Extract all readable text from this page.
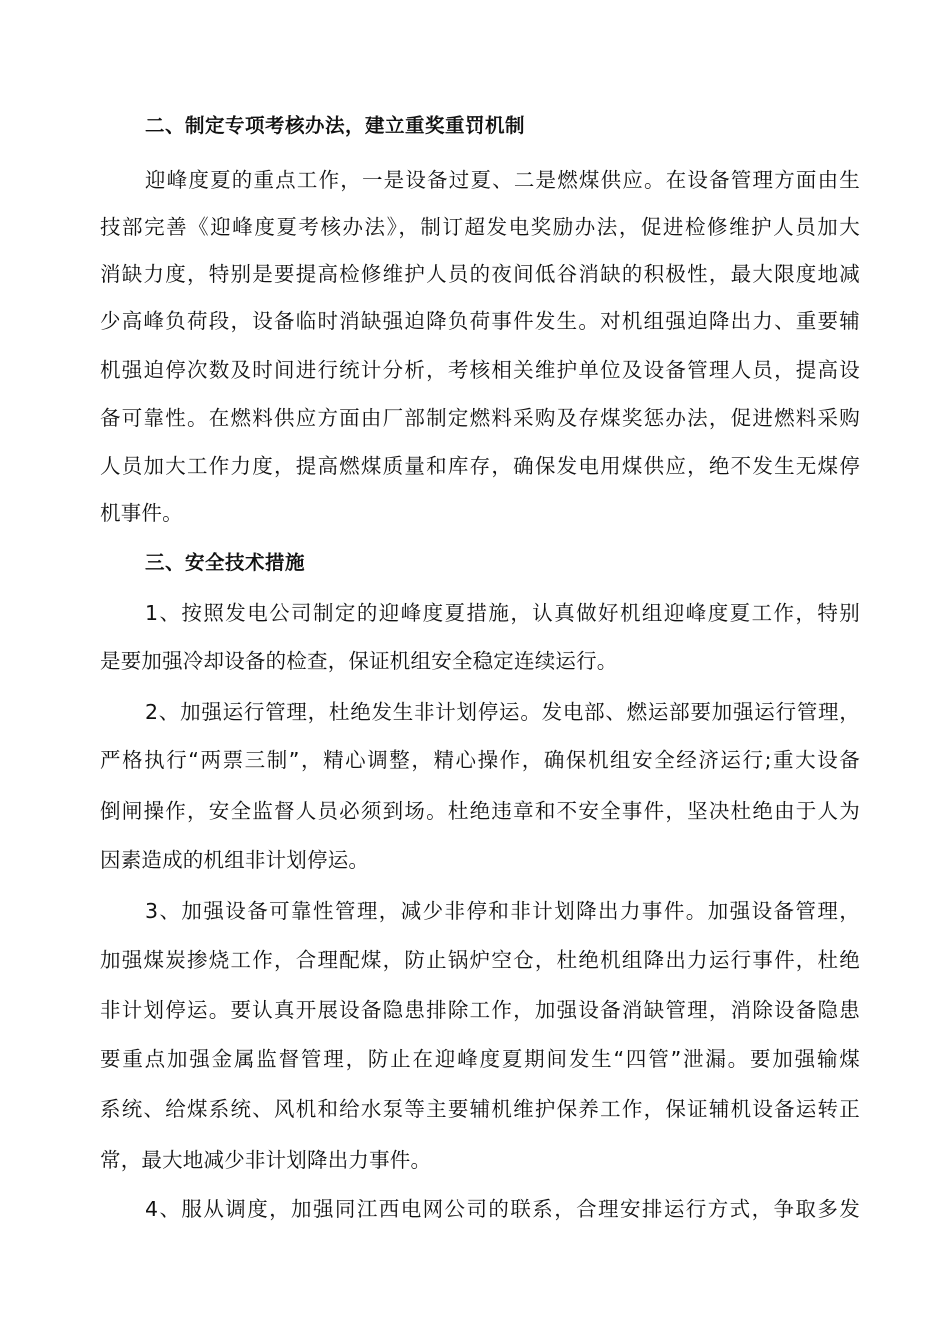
二、制定专项考核办法，建立重奖重罚机制
迎峰度夏的重点工作，一是设备过夏、二是燃煤供应。在设备管理方面由生
技部完善《迎峰度夏考核办法》，制订超发电奖励办法，促进检修维护人员加大
消缺力度，特别是要提高检修维护人员的夜间低谷消缺的积极性，最大限度地减
少高峰负荷段，设备临时消缺强迫降负荷事件发生。对机组强迫降出力、重要辅
机强迫停次数及时间进行统计分析，考核相关维护单位及设备管理人员，提高设
备可靠性。在燃料供应方面由厂部制定燃料采购及存煤奖惩办法，促进燃料采购
人员加大工作力度，提高燃煤质量和库存，确保发电用煤供应，绝不发生无煤停
机事件。
三、安全技术措施
1、按照发电公司制定的迎峰度夏措施，认真做好机组迎峰度夏工作，特别
是要加强冷却设备的检查，保证机组安全稳定连续运行。
2、加强运行管理，杜绝发生非计划停运。发电部、燃运部要加强运行管理，
严格执行“两票三制”，精心调整，精心操作，确保机组安全经济运行;重大设备
倒闸操作，安全监督人员必须到场。杜绝违章和不安全事件，坚决杜绝由于人为
因素造成的机组非计划停运。
3、加强设备可靠性管理，减少非停和非计划降出力事件。加强设备管理，
加强煤炭掺烧工作，合理配煤，防止锅炉空仓，杜绝机组降出力运行事件，杜绝
非计划停运。要认真开展设备隐患排除工作，加强设备消缺管理，消除设备隐患
要重点加强金属监督管理，防止在迎峰度夏期间发生“四管”泄漏。要加强输煤
系统、给煤系统、风机和给水泵等主要辅机维护保养工作，保证辅机设备运转正
常，最大地减少非计划降出力事件。
4、服从调度，加强同江西电网公司的联系，合理安排运行方式，争取多发
